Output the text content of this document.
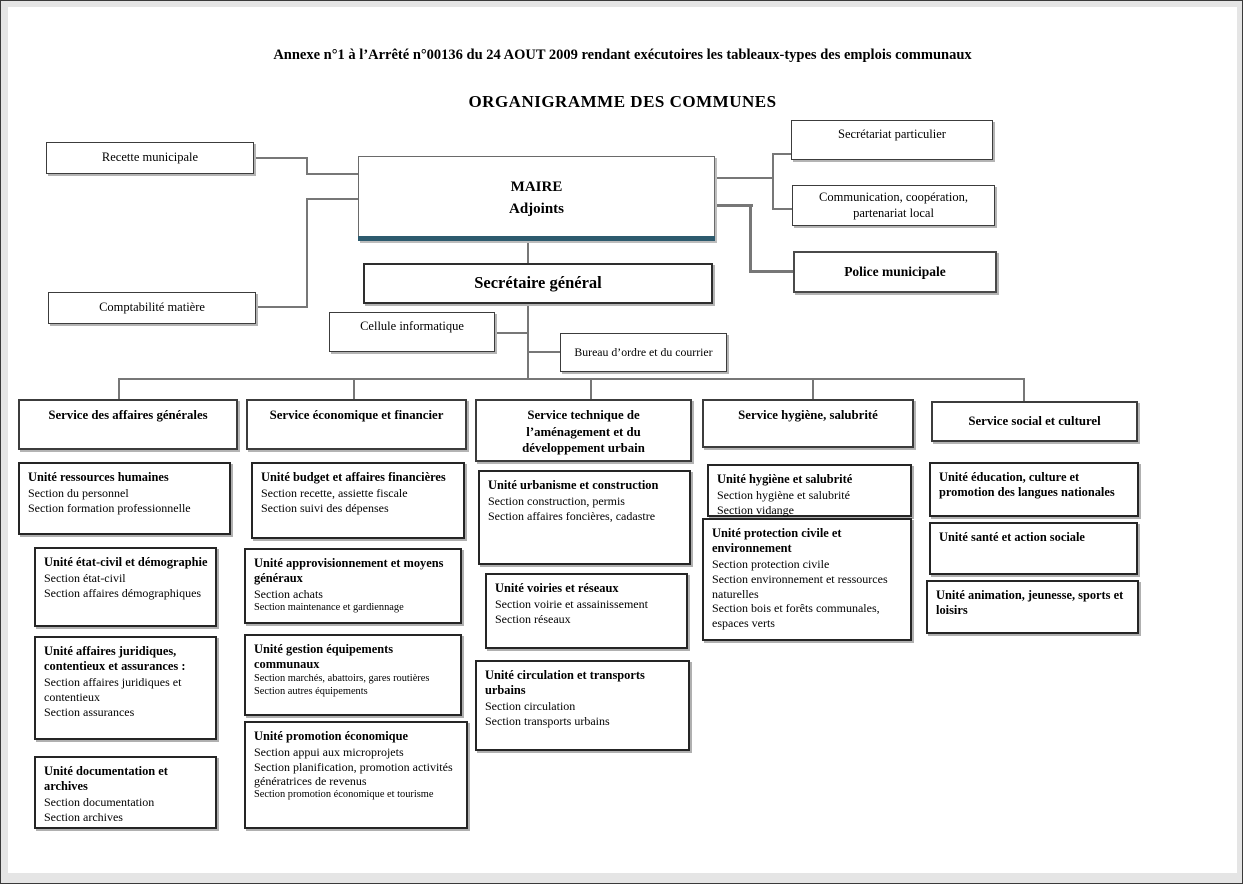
Annexe n°1 à l’Arrêté n°00136 du 24 AOUT 2009 rendant exécutoires les tableaux-types des emplois communaux
ORGANIGRAMME DES COMMUNES
Recette municipale
MAIRE
Adjoints
Secrétariat particulier
Communication, coopération, partenariat local
Police municipale
Comptabilité matière
Secrétaire général
Cellule informatique
Bureau d’ordre et du courrier
Service des affaires générales	Service économique et financier	Service technique de l’aménagement et du développement urbain
Service hygiène, salubrité	Service social et culturel
Unité ressources humaines
Section du personnel
Section formation professionnelle
Unité état-civil et démographie
Section état-civil
Section affaires démographiques
Unité affaires juridiques, contentieux et assurances :
Section affaires juridiques et contentieux
Section assurances
Unité documentation et archives
Section documentation
Section archives
Unité budget et affaires financières
Section recette, assiette fiscale
Section suivi des dépenses
Unité approvisionnement et moyens généraux
Section achats
Section maintenance et gardiennage
Unité gestion équipements communaux
Section marchés, abattoirs, gares routières
Section autres équipements
Unité promotion économique
Section appui aux microprojets
Section planification, promotion activités génératrices de revenus
Section promotion économique et tourisme
Unité urbanisme et construction
Section construction, permis
Section affaires foncières, cadastre
Unité voiries et réseaux
Section voirie et assainissement
Section réseaux
Unité circulation et transports urbains
Section circulation
Section transports urbains
Unité hygiène et salubrité
Section hygiène et salubrité
Section vidange
Unité protection civile et environnement
Section protection civile
Section environnement et ressources naturelles
Section bois et forêts communales, espaces verts
Unité éducation, culture et promotion des langues nationales
Unité santé et action sociale
Unité animation, jeunesse, sports et loisirs
